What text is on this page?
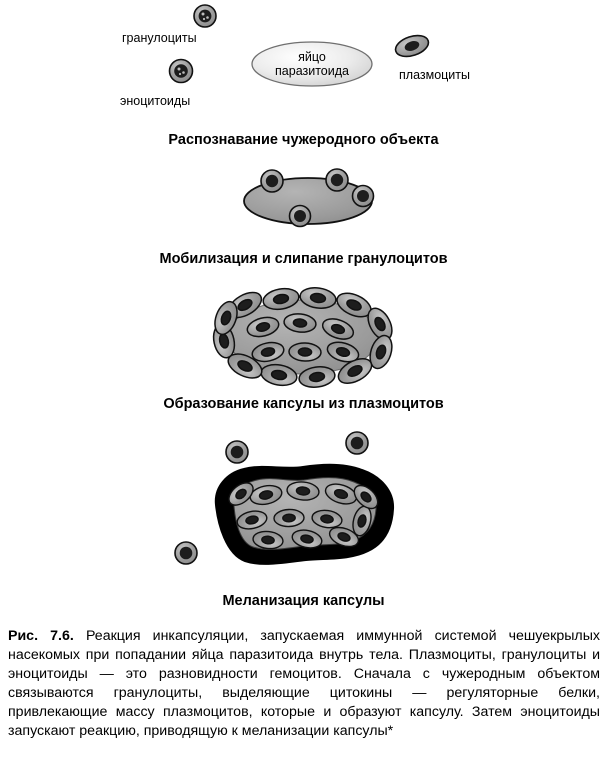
гранулоциты
эноцитоиды
плазмоциты
яйцо
паразитоида
Распознавание чужеродного объекта
Мобилизация и слипание гранулоцитов
Образование капсулы из плазмоцитов
Меланизация капсулы
Рис. 7.6. Реакция инкапсуляции, запускаемая иммунной системой чешуекрылых насекомых при попадании яйца паразитоида внутрь тела. Плазмоциты, гранулоциты и эноцитоиды — это разновидности гемоцитов. Сначала с чужеродным объектом связываются гранулоциты, выделяющие цитокины — регуляторные белки, привлекающие массу плазмоцитов, которые и образуют капсулу. Затем эноцитоиды запускают реакцию, приводящую к меланизации капсулы*
